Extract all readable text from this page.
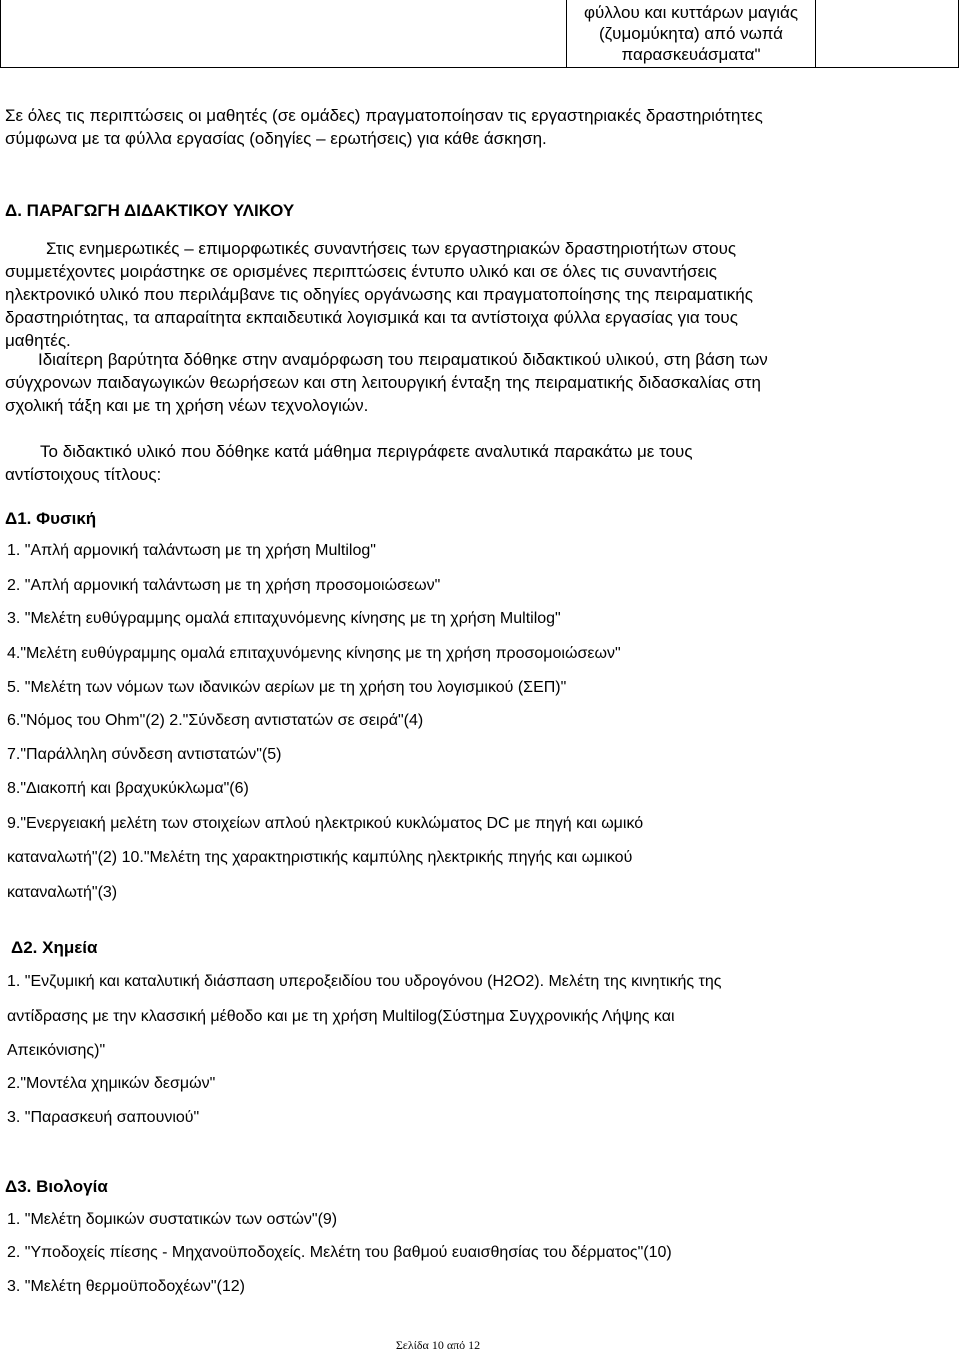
φύλλου και κυττάρων μαγιάς
(ζυμομύκητα) από νωπά
παρασκευάσματα"

Σε όλες τις περιπτώσεις οι μαθητές (σε ομάδες) πραγματοποίησαν τις εργαστηριακές δραστηριότητες

σύμφωνα με τα φύλλα εργασίας (οδηγίες – ερωτήσεις) για κάθε άσκηση.

Δ. ΠΑΡΑΓΩΓΗ ΔΙΔΑΚΤΙΚΟΥ ΥΛΙΚΟΥ

Στις ενημερωτικές – επιμορφωτικές συναντήσεις των εργαστηριακών δραστηριοτήτων στους

συμμετέχοντες μοιράστηκε σε ορισμένες περιπτώσεις έντυπο υλικό και σε όλες τις συναντήσεις

ηλεκτρονικό υλικό που περιλάμβανε τις οδηγίες οργάνωσης και πραγματοποίησης της πειραματικής

δραστηριότητας, τα απαραίτητα εκπαιδευτικά λογισμικά και τα αντίστοιχα φύλλα εργασίας για τους

μαθητές.

Ιδιαίτερη βαρύτητα δόθηκε στην αναμόρφωση του πειραματικού διδακτικού υλικού, στη βάση των

σύγχρονων παιδαγωγικών θεωρήσεων και στη λειτουργική ένταξη της πειραματικής διδασκαλίας στη

σχολική τάξη και με τη χρήση νέων τεχνολογιών.

Το διδακτικό υλικό που δόθηκε κατά μάθημα περιγράφετε αναλυτικά παρακάτω με τους

αντίστοιχους τίτλους:

Δ1. Φυσική

1. "Απλή αρμονική ταλάντωση με τη χρήση Multilog"

2. "Απλή αρμονική ταλάντωση με τη χρήση προσομοιώσεων"

3. "Μελέτη ευθύγραμμης ομαλά επιταχυνόμενης κίνησης με τη χρήση Multilog"

4."Μελέτη ευθύγραμμης ομαλά επιταχυνόμενης κίνησης με τη χρήση προσομοιώσεων"

5. "Μελέτη των νόμων των ιδανικών αερίων με τη χρήση του λογισμικού (ΣΕΠ)"

6."Νόμος του Ohm"(2) 2."Σύνδεση αντιστατών σε σειρά"(4)

7."Παράλληλη σύνδεση αντιστατών"(5)

8."Διακοπή και βραχυκύκλωμα"(6)

9."Ενεργειακή μελέτη των στοιχείων απλού ηλεκτρικού κυκλώματος DC με πηγή και ωμικό

καταναλωτή"(2) 10."Μελέτη της χαρακτηριστικής καμπύλης ηλεκτρικής πηγής και ωμικού

καταναλωτή"(3)

Δ2. Χημεία

1. "Ενζυμική και καταλυτική διάσπαση υπεροξειδίου του υδρογόνου (Η2Ο2). Μελέτη της κινητικής της

αντίδρασης με την κλασσική μέθοδο και με τη χρήση Multilog(Σύστημα Συγχρονικής Λήψης και

Απεικόνισης)"

2."Μοντέλα χημικών δεσμών"

3. "Παρασκευή σαπουνιού"

Δ3. Βιολογία

1. "Μελέτη δομικών συστατικών των οστών"(9)

2. "Υποδοχείς πίεσης - Μηχανοϋποδοχείς. Μελέτη του βαθμού ευαισθησίας του δέρματος"(10)

3. "Μελέτη θερμοϋποδοχέων"(12)

Σελίδα 10 από 12
